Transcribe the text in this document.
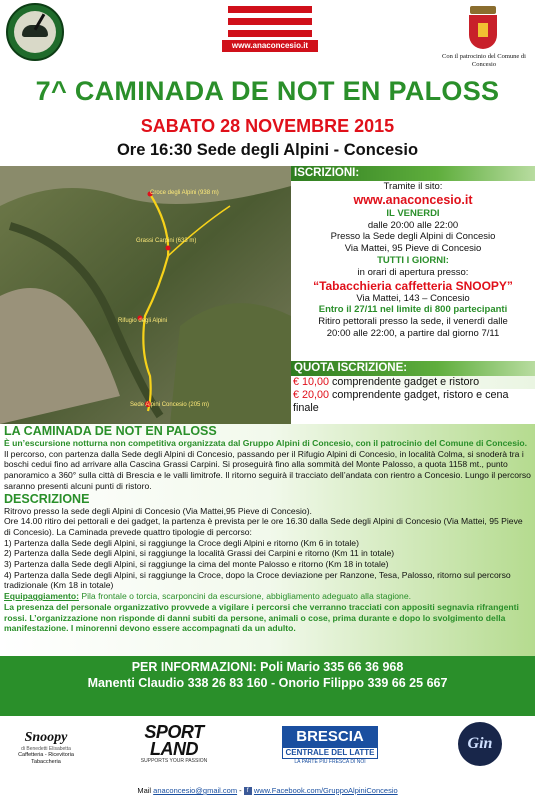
www.anaconcesio.it
Con il patrocinio del Comune di Concesio
7^ CAMINADA DE NOT EN PALOSS
SABATO 28 NOVEMBRE 2015
Ore 16:30 Sede degli Alpini - Concesio
Croce degli Alpini (938 m)
Grassi Carpini (633 m)
Rifugio degli Alpini
Sede Alpini Concesio (205 m)
ISCRIZIONI:
Tramite il sito:
www.anaconcesio.it
IL VENERDI
dalle 20:00 alle 22:00
Presso la Sede degli Alpini di Concesio
Via Mattei, 95 Pieve di Concesio
TUTTI I GIORNI:
in orari di apertura presso:
“Tabacchieria caffetteria SNOOPY”
Via Mattei, 143 – Concesio
Entro il 27/11 nel limite di 800 partecipanti
Ritiro pettorali presso la sede, il venerdì dalle
20:00 alle 22:00, a partire dal giorno 7/11
QUOTA ISCRIZIONE:
€ 10,00 comprendente gadget e ristoro
€ 20,00 comprendente gadget, ristoro e cena finale
LA CAMINADA DE NOT EN PALOSS
È un’escursione notturna non competitiva organizzata dal Gruppo Alpini di Concesio, con il patrocinio del Comune di Concesio.
Il percorso, con partenza dalla Sede degli Alpini di Concesio, passando per il Rifugio Alpini di Concesio, in località Colma, si snoderà tra i boschi cedui fino ad arrivare alla Cascina Grassi Carpini. Si proseguirà fino alla sommità del Monte Palosso, a quota 1158 mt., punto panoramico a 360° sulla città di Brescia e le valli limitrofe. Il ritorno seguirà il tracciato dell’andata con rientro a Concesio. Lungo il percorso saranno presenti alcuni punti di ristoro.
DESCRIZIONE
Ritrovo presso la sede degli Alpini di Concesio (Via Mattei,95 Pieve di Concesio).
Ore 14.00 ritiro dei pettorali e dei gadget, la partenza è prevista per le ore 16.30 dalla Sede degli Alpini di Concesio (Via Mattei, 95 Pieve di Concesio). La Caminada prevede quattro tipologie di percorso:
1) Partenza dalla Sede degli Alpini, si raggiunge la Croce degli Alpini e ritorno (Km 6 in totale)
2) Partenza dalla Sede degli Alpini, si raggiunge la località Grassi dei Carpini e ritorno (Km 11 in totale)
3) Partenza dalla Sede degli Alpini, si raggiunge la cima del monte Palosso e ritorno (Km 18 in totale)
4) Partenza dalla Sede degli Alpini, si raggiunge la Croce, dopo la Croce deviazione per Ranzone, Tesa, Palosso, ritorno sul percorso tradizionale (Km 18 in totale)
Equipaggiamento: Pila frontale o torcia, scarponcini da escursione, abbigliamento adeguato alla stagione.
La presenza del personale organizzativo provvede a vigilare i percorsi che verranno tracciati con appositi segnavia rifrangenti rossi. L’organizzazione non risponde di danni subiti da persone, animali o cose, prima durante e dopo lo svolgimento della manifestazione. I minorenni devono essere accompagnati da un adulto.
PER INFORMAZIONI: Poli Mario 335 66 36 968
Manenti Claudio 338 26 83 160 - Onorio Filippo 339 66 25 667
Snoopy
di Benedetti Elisabetta
Caffetteria - Ricevitoria
Tabaccheria
SPORT LAND
SUPPORTS YOUR PASSION
BRESCIA
CENTRALE DEL LATTE
LA PARTE PIÙ FRESCA DI NOI
Gin
Mail anaconcesio@gmail.com - f www.Facebook.com/GruppoAlpiniConcesio
